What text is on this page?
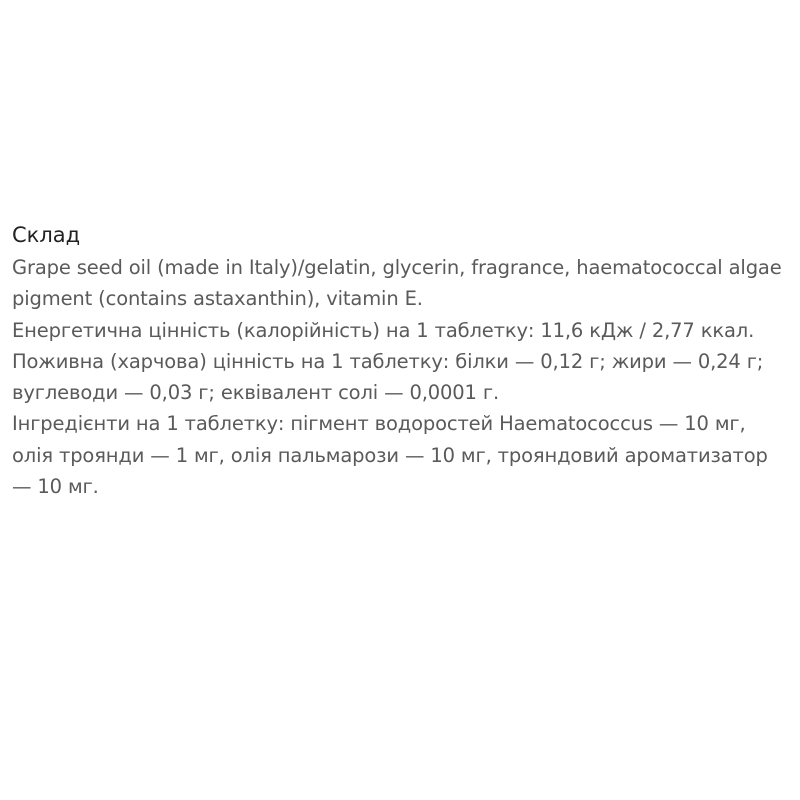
Склад
Grape seed oil (made in Italy)/gelatin, glycerin, fragrance, haematococcal algae pigment (contains astaxanthin), vitamin E.
Енергетична цінність (калорійність) на 1 таблетку: 11,6 кДж / 2,77 ккал.
Поживна (харчова) цінність на 1 таблетку: білки — 0,12 г; жири — 0,24 г; вуглеводи — 0,03 г; еквівалент солі — 0,0001 г.
Інгредієнти на 1 таблетку: пігмент водоростей Haematococcus — 10 мг, олія троянди — 1 мг, олія пальмарози — 10 мг, трояндовий ароматизатор — 10 мг.
